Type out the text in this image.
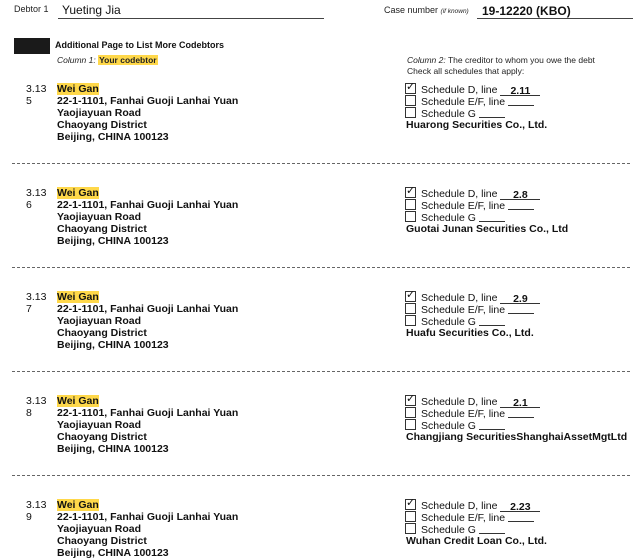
Debtor 1 Yueting Jia	Case number (if known) 19-12220 (KBO)
Additional Page to List More Codebtors
Column 1: Your codebtor	Column 2: The creditor to whom you owe the debt
Check all schedules that apply:
3.13
5
Wei Gan
22-1-1101, Fanhai Guoji Lanhai Yuan
Yaojiayuan Road
Chaoyang District
Beijing, CHINA 100123
✓ Schedule D, line 2.11
Schedule E/F, line
Schedule G
Huarong Securities Co., Ltd.
3.13
6
Wei Gan
22-1-1101, Fanhai Guoji Lanhai Yuan
Yaojiayuan Road
Chaoyang District
Beijing, CHINA 100123
✓ Schedule D, line 2.8
Schedule E/F, line
Schedule G
Guotai Junan Securities Co., Ltd
3.13
7
Wei Gan
22-1-1101, Fanhai Guoji Lanhai Yuan
Yaojiayuan Road
Chaoyang District
Beijing, CHINA 100123
✓ Schedule D, line 2.9
Schedule E/F, line
Schedule G
Huafu Securities Co., Ltd.
3.13
8
Wei Gan
22-1-1101, Fanhai Guoji Lanhai Yuan
Yaojiayuan Road
Chaoyang District
Beijing, CHINA 100123
✓ Schedule D, line 2.1
Schedule E/F, line
Schedule G
Changjiang SecuritiesShanghaiAssetMgtLtd
3.13
9
Wei Gan
22-1-1101, Fanhai Guoji Lanhai Yuan
Yaojiayuan Road
Chaoyang District
Beijing, CHINA 100123
✓ Schedule D, line 2.23
Schedule E/F, line
Schedule G
Wuhan Credit Loan Co., Ltd.
